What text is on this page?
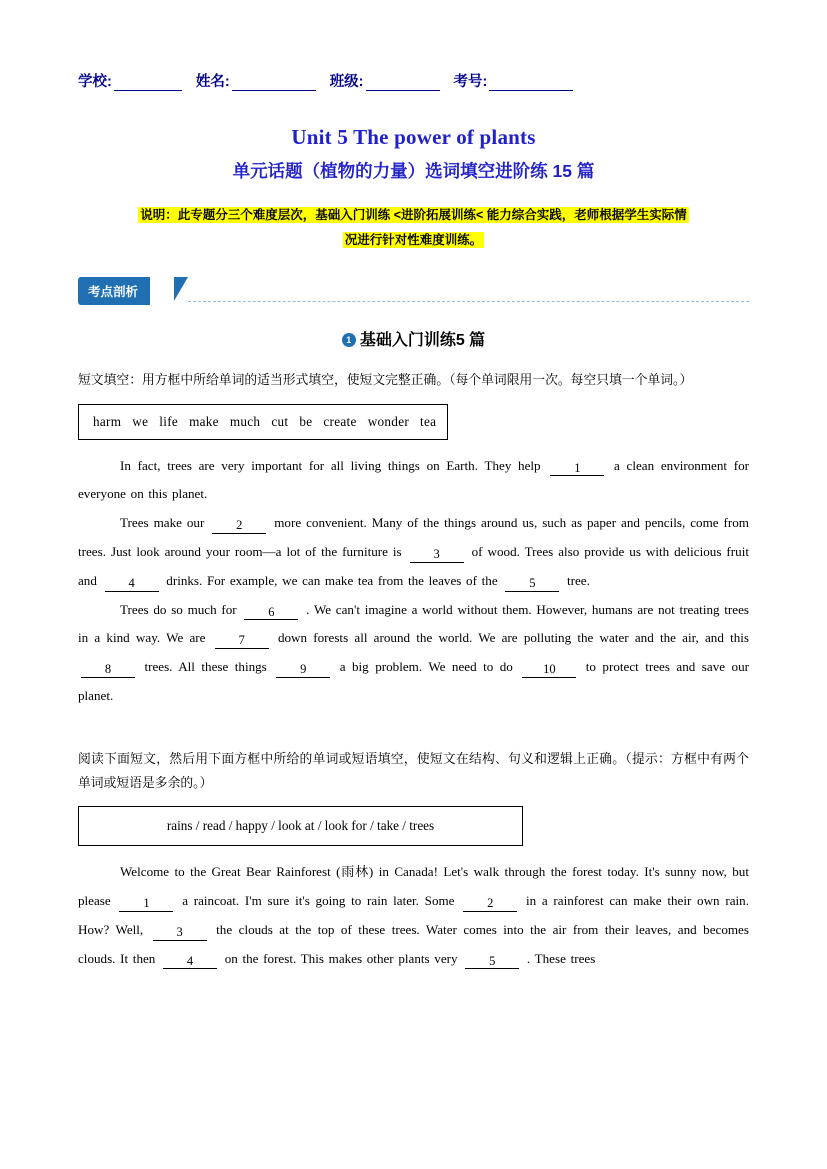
学校:	姓名:	班级:	考号:
Unit 5 The power of plants
单元话题（植物的力量）选词填空进阶练 15 篇
说明：此专题分三个难度层次，基础入门训练 <进阶拓展训练< 能力综合实践，老师根据学生实际情
况进行针对性难度训练。
考点剖析
1 基础入门训练5 篇
短文填空：用方框中所给单词的适当形式填空，使短文完整正确。（每个单词限用一次。每空只填一个单词。）
harm we life make much cut be create wonder tea

In fact, trees are very important for all living things on Earth. They help 1	a clean environment for everyone on this planet.

Trees make our 2 more convenient. Many of the things around us, such as paper and pencils, come from trees. Just look around your room—a lot of the furniture is 3 of wood. Trees also provide us with delicious fruit and 4 drinks. For example, we can make tea from the leaves of the 5 tree.

Trees do so much for 6 . We can't imagine a world without them. However, humans are not treating trees in a kind way. We are 7	down forests all around the world. We are polluting the water and the air, and this 8	trees. All these things 9	a big problem. We need to do 10 to protect trees and save our planet.

阅读下面短文，然后用下面方框中所给的单词或短语填空，使短文在结构、句义和逻辑上正确。（提示：方框中有两个单词或短语是多余的。）
rains / read / happy / look at / look for / take / trees

Welcome to the Great Bear Rainforest (雨林) in Canada! Let's walk through the forest today. It's sunny now, but please 1 a raincoat. I'm sure it's going to rain later. Some 2 in a rainforest can make their own rain. How? Well, 3	the clouds at the top of these trees. Water comes into the air from their leaves, and becomes clouds. It then 4 on the forest. This makes other plants very 5 . These trees
